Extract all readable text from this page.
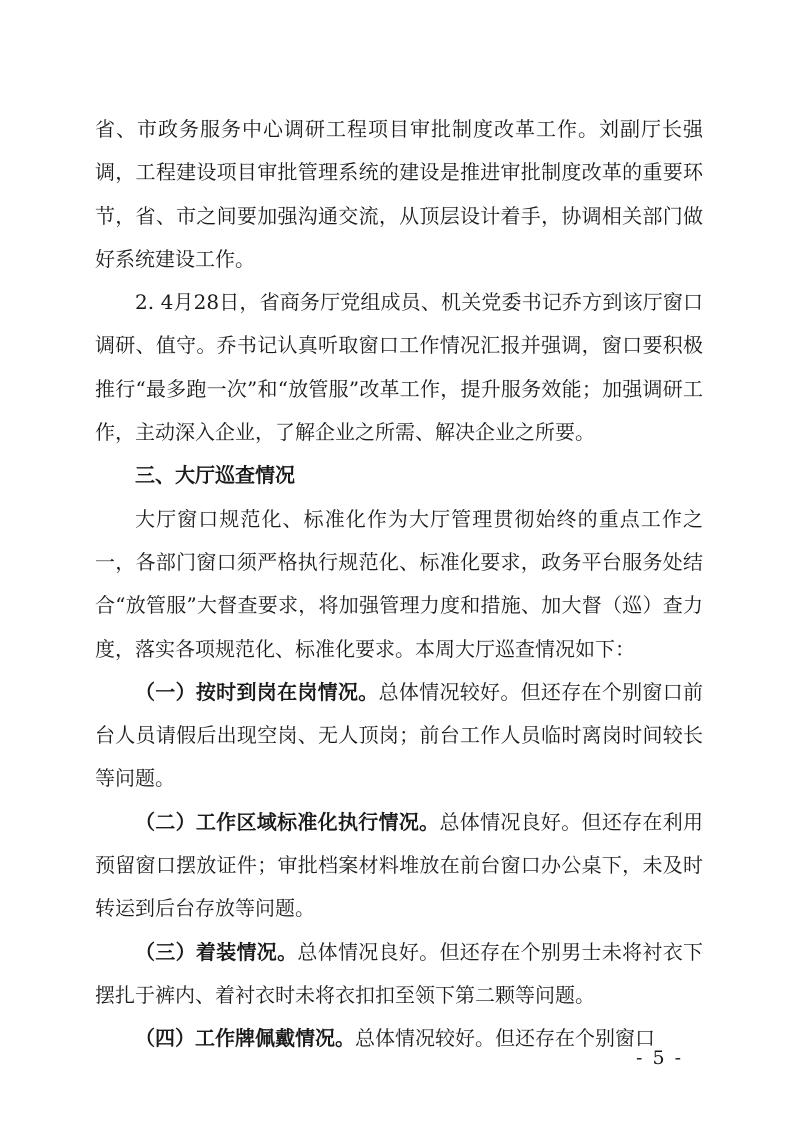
省、市政务服务中心调研工程项目审批制度改革工作。刘副厅长强调，工程建设项目审批管理系统的建设是推进审批制度改革的重要环节，省、市之间要加强沟通交流，从顶层设计着手，协调相关部门做好系统建设工作。

2. 4月28日，省商务厅党组成员、机关党委书记乔方到该厅窗口调研、值守。乔书记认真听取窗口工作情况汇报并强调，窗口要积极推行“最多跑一次”和“放管服”改革工作，提升服务效能；加强调研工作，主动深入企业，了解企业之所需、解决企业之所要。

三、大厅巡查情况

大厅窗口规范化、标准化作为大厅管理贯彻始终的重点工作之一，各部门窗口须严格执行规范化、标准化要求，政务平台服务处结合“放管服”大督查要求，将加强管理力度和措施、加大督（巡）查力度，落实各项规范化、标准化要求。本周大厅巡查情况如下：

（一）按时到岗在岗情况。总体情况较好。但还存在个别窗口前台人员请假后出现空岗、无人顶岗；前台工作人员临时离岗时间较长等问题。

（二）工作区域标准化执行情况。总体情况良好。但还存在利用预留窗口摆放证件；审批档案材料堆放在前台窗口办公桌下，未及时转运到后台存放等问题。

（三）着装情况。总体情况良好。但还存在个别男士未将衬衣下摆扎于裤内、着衬衣时未将衣扣扣至领下第二颗等问题。

（四）工作牌佩戴情况。总体情况较好。但还存在个别窗口

- 5 -
